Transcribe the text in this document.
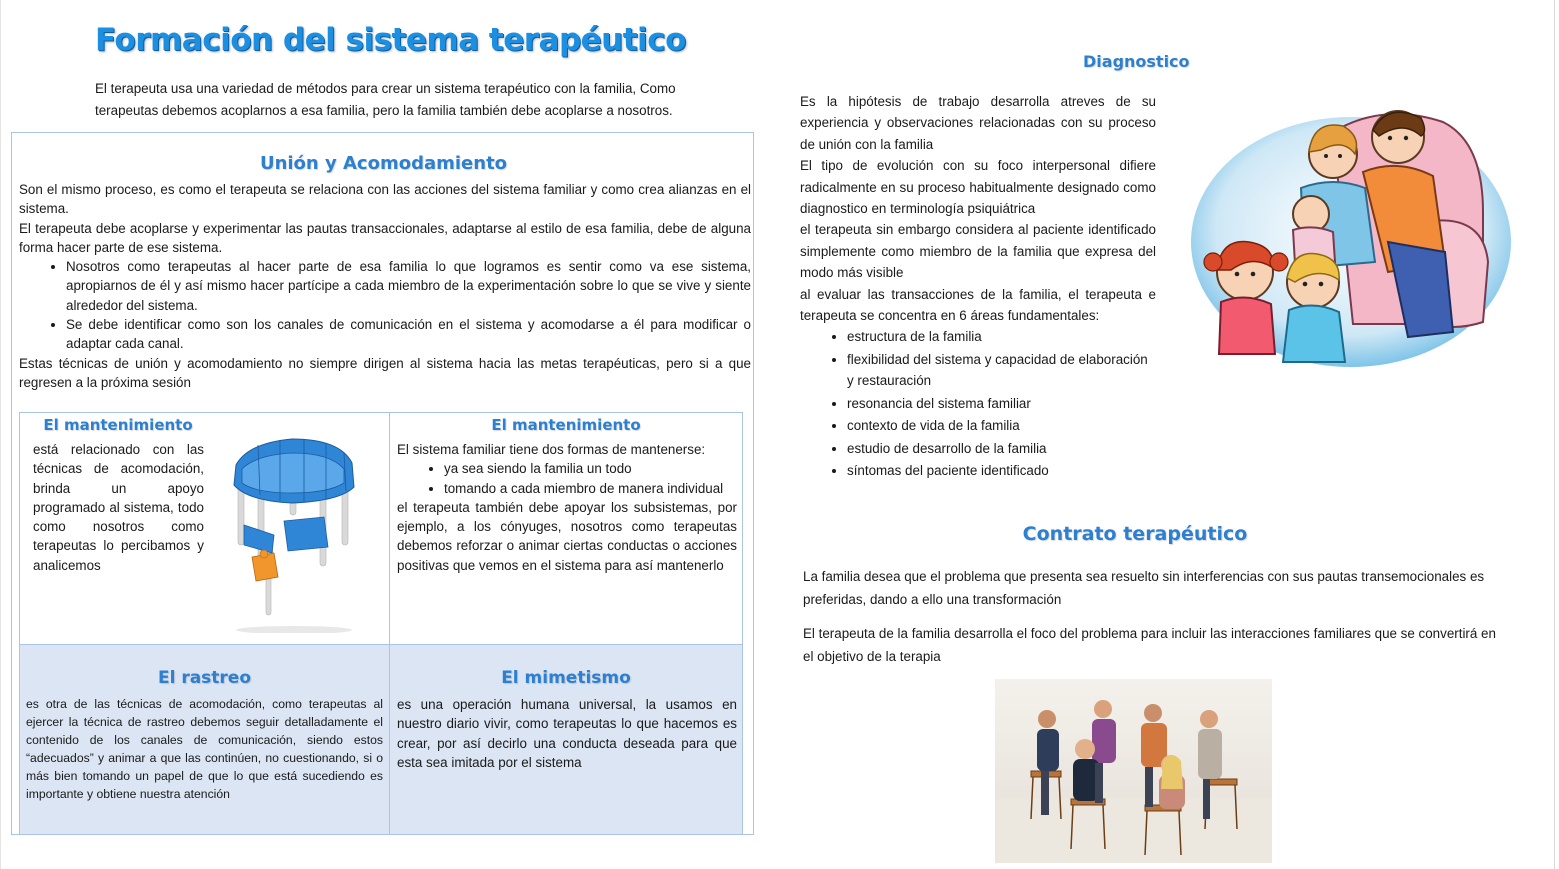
Formación del sistema terapéutico

El terapeuta usa una variedad de métodos para crear un sistema terapéutico con la familia, Como terapeutas debemos acoplarnos a esa familia, pero la familia también debe acoplarse a nosotros.

Unión y Acomodamiento

Son el mismo proceso, es como el terapeuta se relaciona con las acciones del sistema familiar y como crea alianzas en el sistema.

El terapeuta debe acoplarse y experimentar las pautas transaccionales, adaptarse al estilo de esa familia, debe de alguna forma hacer parte de ese sistema.

• Nosotros como terapeutas al hacer parte de esa familia lo que logramos es sentir como va ese sistema, apropiarnos de él y así mismo hacer partícipe a cada miembro de la experimentación sobre lo que se vive y siente alrededor del sistema.
• Se debe identificar como son los canales de comunicación en el sistema y acomodarse a él para modificar o adaptar cada canal.

Estas técnicas de unión y acomodamiento no siempre dirigen al sistema hacia las metas terapéuticas, pero si a que regresen a la próxima sesión

El mantenimiento

está relacionado con las técnicas de acomodación, brinda un apoyo programado al sistema, todo como nosotros como terapeutas lo percibamos y analicemos

El mantenimiento

El sistema familiar tiene dos formas de mantenerse:

• ya sea siendo la familia un todo
• tomando a cada miembro de manera individual

el terapeuta también debe apoyar los subsistemas, por ejemplo, a los cónyuges, nosotros como terapeutas debemos reforzar o animar ciertas conductas o acciones positivas que vemos en el sistema para así mantenerlo

El rastreo

es otra de las técnicas de acomodación, como terapeutas al ejercer la técnica de rastreo debemos seguir detalladamente el contenido de los canales de comunicación, siendo estos “adecuados” y animar a que las continúen, no cuestionando, si o más bien tomando un papel de que lo que está sucediendo es importante y obtiene nuestra atención

El mimetismo

es una operación humana universal, la usamos en nuestro diario vivir, como terapeutas lo que hacemos es crear, por así decirlo una conducta deseada para que esta sea imitada por el sistema

Diagnostico

Es la hipótesis de trabajo desarrolla atreves de su experiencia y observaciones relacionadas con su proceso de unión con la familia

El tipo de evolución con su foco interpersonal difiere radicalmente en su proceso habitualmente designado como diagnostico en terminología psiquiátrica

el terapeuta sin embargo considera al paciente identificado simplemente como miembro de la familia que expresa del modo más visible

al evaluar las transacciones de la familia, el terapeuta e terapeuta se concentra en 6 áreas fundamentales:

• estructura de la familia
• flexibilidad del sistema y capacidad de elaboración y restauración
• resonancia del sistema familiar
• contexto de vida de la familia
• estudio de desarrollo de la familia
• síntomas del paciente identificado
Contrato terapéutico

La familia desea que el problema que presenta sea resuelto sin interferencias con sus pautas transemocionales es preferidas, dando a ello una transformación

El terapeuta de la familia desarrolla el foco del problema para incluir las interacciones familiares que se convertirá en el objetivo de la terapia
